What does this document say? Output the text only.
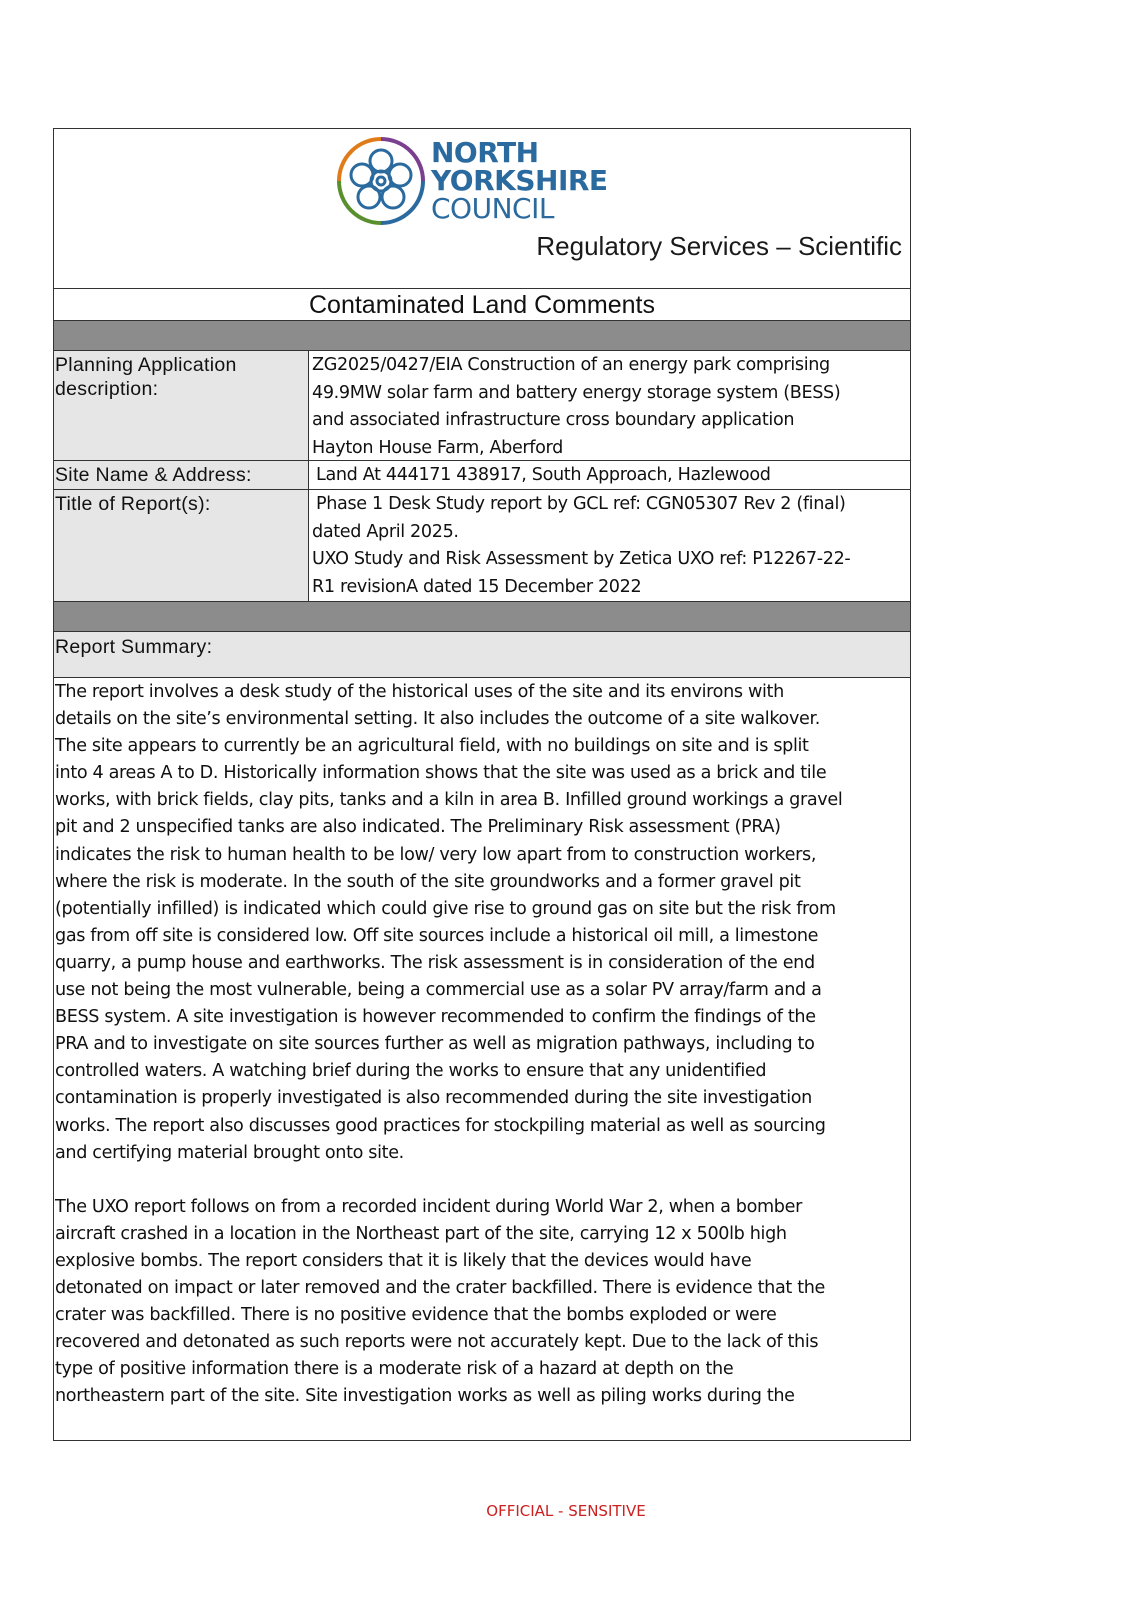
NORTH
YORKSHIRE
COUNCIL
Regulatory Services – Scientific
Contaminated Land Comments
Planning Application
description:
ZG2025/0427/EIA Construction of an energy park comprising
49.9MW solar farm and battery energy storage system (BESS)
and associated infrastructure cross boundary application
Hayton House Farm, Aberford
Site Name & Address:	Land At 444171 438917, South Approach, Hazlewood
Title of Report(s):	Phase 1 Desk Study report by GCL ref: CGN05307 Rev 2 (final)
dated April 2025.
UXO Study and Risk Assessment by Zetica UXO ref: P12267-22-
R1 revisionA dated 15 December 2022
Report Summary:
The report involves a desk study of the historical uses of the site and its environs with
details on the site’s environmental setting. It also includes the outcome of a site walkover.
The site appears to currently be an agricultural field, with no buildings on site and is split
into 4 areas A to D. Historically information shows that the site was used as a brick and tile
works, with brick fields, clay pits, tanks and a kiln in area B. Infilled ground workings a gravel
pit and 2 unspecified tanks are also indicated. The Preliminary Risk assessment (PRA)
indicates the risk to human health to be low/ very low apart from to construction workers,
where the risk is moderate. In the south of the site groundworks and a former gravel pit
(potentially infilled) is indicated which could give rise to ground gas on site but the risk from
gas from off site is considered low. Off site sources include a historical oil mill, a limestone
quarry, a pump house and earthworks. The risk assessment is in consideration of the end
use not being the most vulnerable, being a commercial use as a solar PV array/farm and a
BESS system. A site investigation is however recommended to confirm the findings of the
PRA and to investigate on site sources further as well as migration pathways, including to
controlled waters. A watching brief during the works to ensure that any unidentified
contamination is properly investigated is also recommended during the site investigation
works. The report also discusses good practices for stockpiling material as well as sourcing
and certifying material brought onto site.
The UXO report follows on from a recorded incident during World War 2, when a bomber
aircraft crashed in a location in the Northeast part of the site, carrying 12 x 500lb high
explosive bombs. The report considers that it is likely that the devices would have
detonated on impact or later removed and the crater backfilled. There is evidence that the
crater was backfilled. There is no positive evidence that the bombs exploded or were
recovered and detonated as such reports were not accurately kept. Due to the lack of this
type of positive information there is a moderate risk of a hazard at depth on the
northeastern part of the site. Site investigation works as well as piling works during the
OFFICIAL - SENSITIVE
